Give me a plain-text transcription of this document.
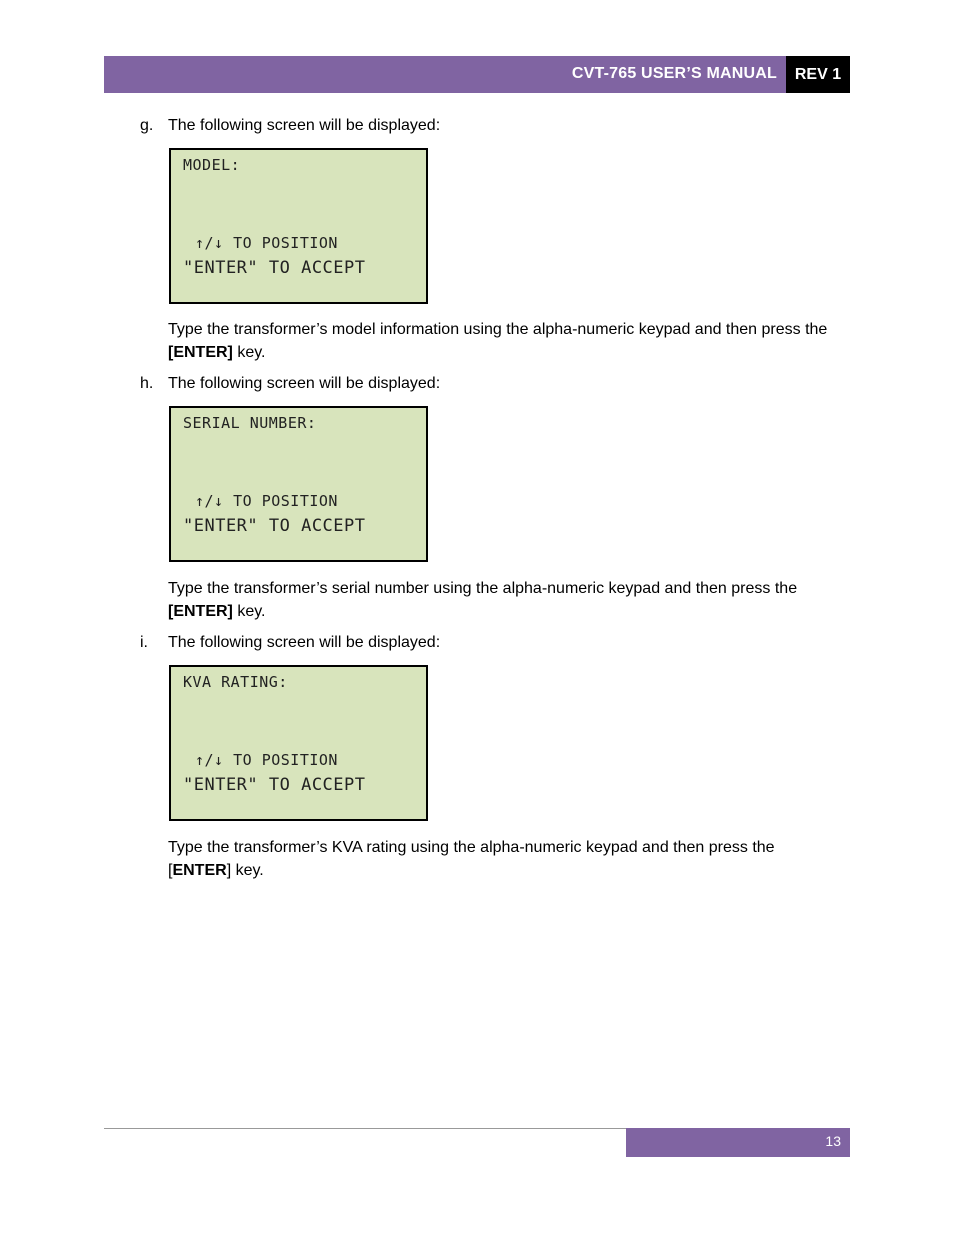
CVT-765 USER’S MANUAL	REV 1
g. The following screen will be displayed:
MODEL:
↑/↓ TO POSITION
"ENTER" TO ACCEPT
Type the transformer’s model information using the alpha-numeric keypad and then press the [ENTER] key.
h. The following screen will be displayed:
SERIAL NUMBER:
↑/↓ TO POSITION
"ENTER" TO ACCEPT
Type the transformer’s serial number using the alpha-numeric keypad and then press the [ENTER] key.
i. The following screen will be displayed:
KVA RATING:
↑/↓ TO POSITION
"ENTER" TO ACCEPT
Type the transformer’s KVA rating using the alpha-numeric keypad and then press the [ENTER] key.
13
